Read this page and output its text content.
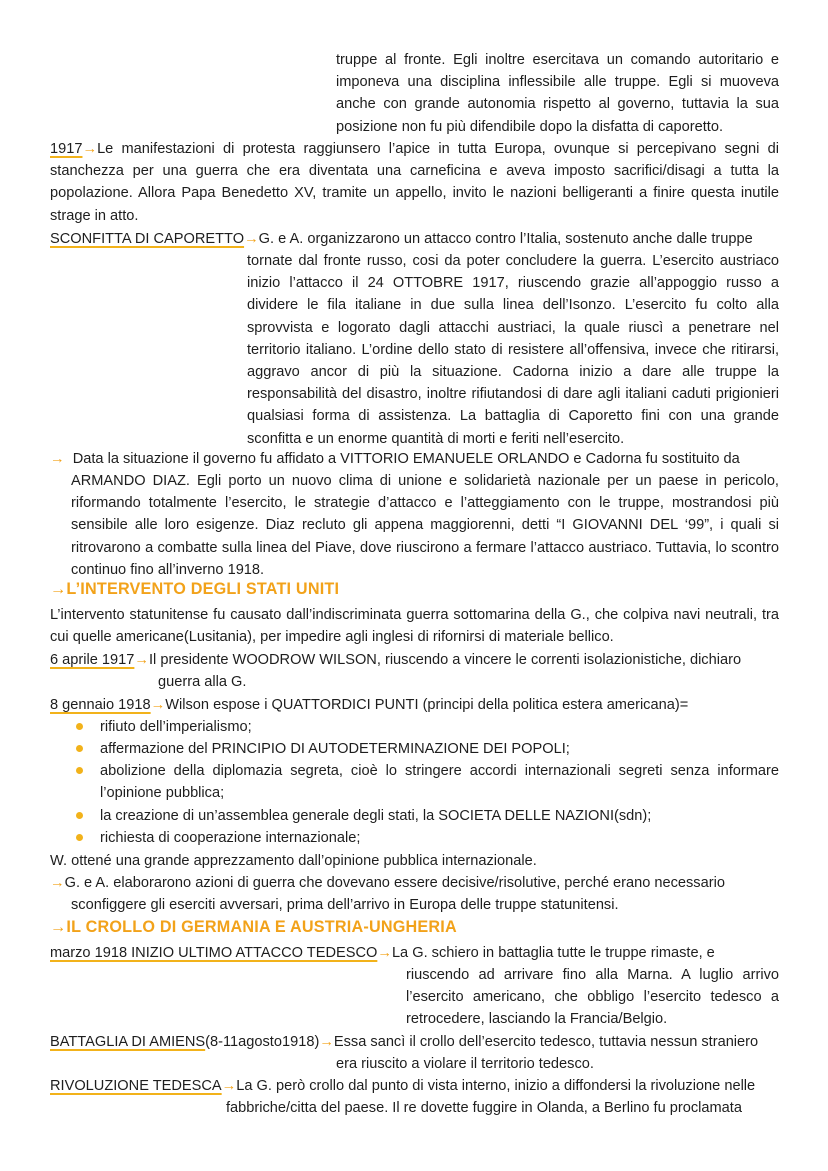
truppe al fronte. Egli inoltre esercitava un comando autoritario e imponeva una disciplina inflessibile alle truppe. Egli si muoveva anche con grande autonomia rispetto al governo, tuttavia la sua posizione non fu più difendibile dopo la disfatta di caporetto.
1917→Le manifestazioni di protesta raggiunsero l’apice in tutta Europa, ovunque si percepivano segni di stanchezza per una guerra che era diventata una carneficina e aveva imposto sacrifici/disagi a tutta la popolazione. Allora Papa Benedetto XV, tramite un appello, invito le nazioni belligeranti a finire questa inutile strage in atto.
SCONFITTA DI CAPORETTO→G. e A. organizzarono un attacco contro l’Italia, sostenuto anche dalle truppe
tornate dal fronte russo, cosi da poter concludere la guerra. L’esercito austriaco inizio l’attacco il 24 OTTOBRE 1917, riuscendo grazie all’appoggio russo a dividere le fila italiane in due sulla linea dell’Isonzo. L’esercito fu colto alla sprovvista e logorato dagli attacchi austriaci, la quale riuscì a penetrare nel territorio italiano. L’ordine dello stato di resistere all’offensiva, invece che ritirarsi, aggravo ancor di più la situazione. Cadorna inizio a dare alle truppe la responsabilità del disastro, inoltre rifiutandosi di dare agli italiani caduti prigionieri qualsiasi forma di assistenza. La battaglia di Caporetto fini con una grande sconfitta e un enorme quantità di morti e feriti nell’esercito.
→ Data la situazione il governo fu affidato a VITTORIO EMANUELE ORLANDO e Cadorna fu sostituito da
ARMANDO DIAZ. Egli porto un nuovo clima di unione e solidarietà nazionale per un paese in pericolo, riformando totalmente l’esercito, le strategie d’attacco e l’atteggiamento con le truppe, mostrandosi più sensibile alle loro esigenze. Diaz recluto gli appena maggiorenni, detti “I GIOVANNI DEL ‘99”, i quali si ritrovarono a combatte sulla linea del Piave, dove riuscirono a fermare l’attacco austriaco. Tuttavia, lo scontro continuo fino all’inverno 1918.
→L’INTERVENTO DEGLI STATI UNITI
L’intervento statunitense fu causato dall’indiscriminata guerra sottomarina della G., che colpiva navi neutrali, tra cui quelle americane(Lusitania), per impedire agli inglesi di rifornirsi di materiale bellico.
6 aprile 1917→Il presidente WOODROW WILSON, riuscendo a vincere le correnti isolazionistiche, dichiaro
guerra alla G.
8 gennaio 1918→Wilson espose i QUATTORDICI PUNTI (principi della politica estera americana)=
rifiuto dell’imperialismo;
affermazione del PRINCIPIO DI AUTODETERMINAZIONE DEI POPOLI;
abolizione della diplomazia segreta, cioè lo stringere accordi internazionali segreti senza informare l’opinione pubblica;
la creazione di un’assemblea generale degli stati, la SOCIETA DELLE NAZIONI(sdn);
richiesta di cooperazione internazionale;
W. ottené una grande apprezzamento dall’opinione pubblica internazionale.
→G. e A. elaborarono azioni di guerra che dovevano essere decisive/risolutive, perché erano necessario
sconfiggere gli eserciti avversari, prima dell’arrivo in Europa delle truppe statunitensi.
→IL CROLLO DI GERMANIA E AUSTRIA-UNGHERIA
marzo 1918 INIZIO ULTIMO ATTACCO TEDESCO→La G. schiero in battaglia tutte le truppe rimaste, e
riuscendo ad arrivare fino alla Marna. A luglio arrivo l’esercito americano, che obbligo l’esercito tedesco a retrocedere, lasciando la Francia/Belgio.
BATTAGLIA DI AMIENS(8-11agosto1918)→Essa sancì il crollo dell’esercito tedesco, tuttavia nessun straniero
era riuscito a violare il territorio tedesco.
RIVOLUZIONE TEDESCA→La G. però crollo dal punto di vista interno, inizio a diffondersi la rivoluzione nelle
fabbriche/citta del paese. Il re dovette fuggire in Olanda, a Berlino fu proclamata
